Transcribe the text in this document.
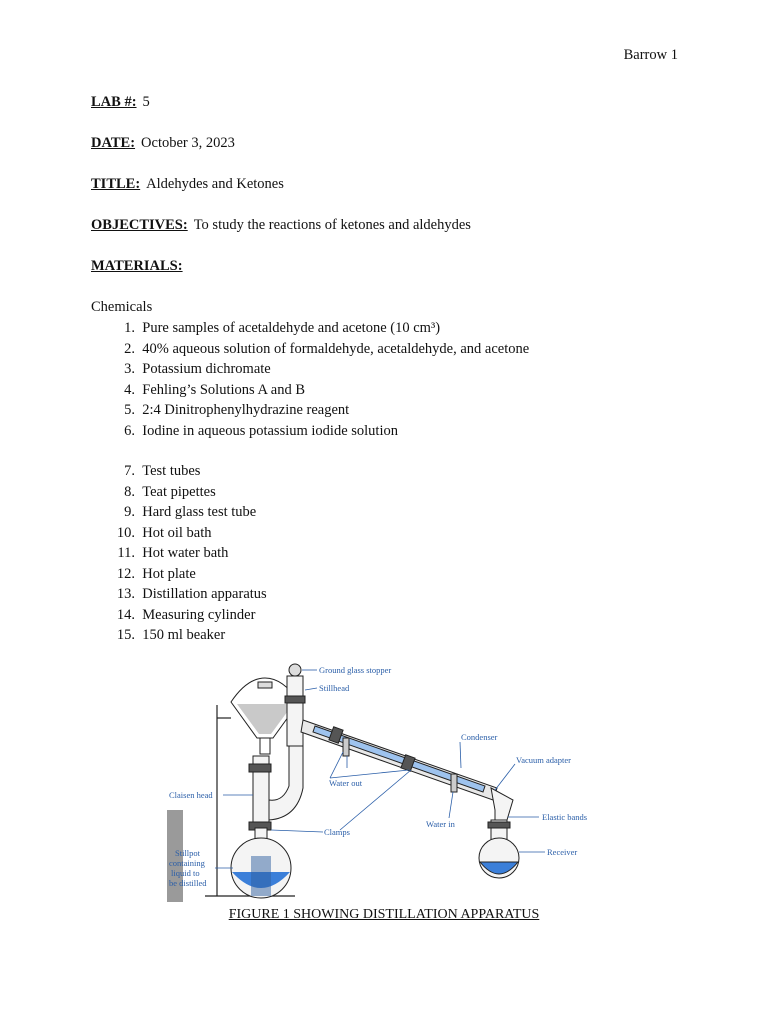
Barrow 1
LAB #: 5
DATE: October 3, 2023
TITLE: Aldehydes and Ketones
OBJECTIVES: To study the reactions of ketones and aldehydes
MATERIALS:
Chemicals
1. Pure samples of acetaldehyde and acetone (10 cm³)
2. 40% aqueous solution of formaldehyde, acetaldehyde, and acetone
3. Potassium dichromate
4. Fehling’s Solutions A and B
5. 2:4 Dinitrophenylhydrazine reagent
6. Iodine in aqueous potassium iodide solution
7. Test tubes
8. Teat pipettes
9. Hard glass test tube
10. Hot oil bath
11. Hot water bath
12. Hot plate
13. Distillation apparatus
14. Measuring cylinder
15. 150 ml beaker
Ground glass stopper
Stillhead
Condenser
Vacuum adapter
Claisen head
Water out
Elastic bands
Water in
Clamps
Stillpot
containing
liquid to
be distilled
Receiver
FIGURE 1 SHOWING DISTILLATION APPARATUS
